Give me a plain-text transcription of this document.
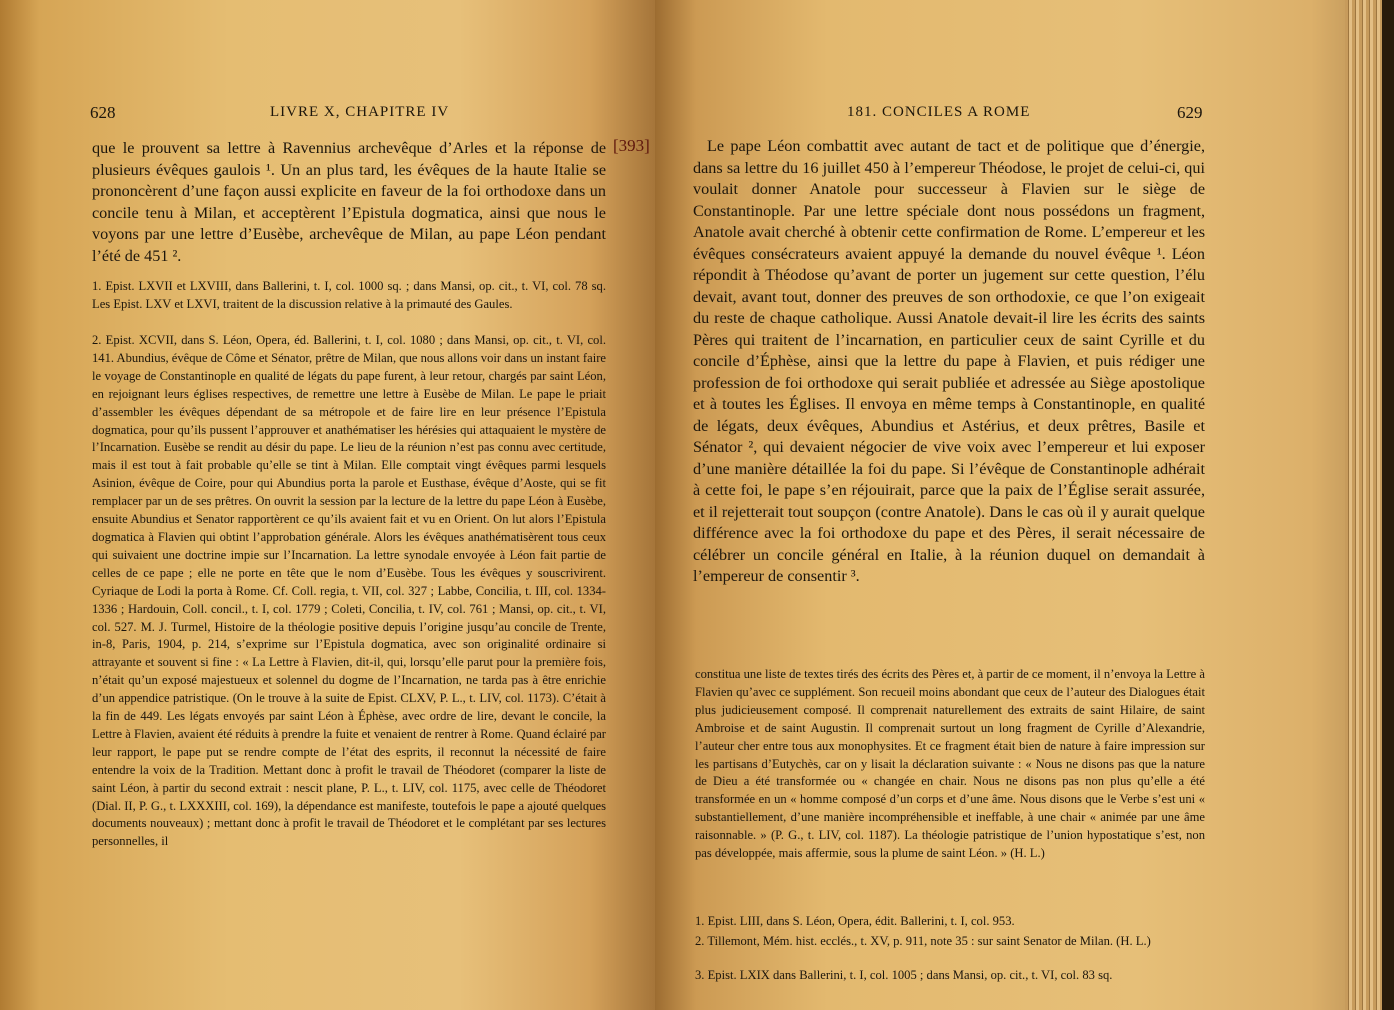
628	LIVRE X, CHAPITRE IV
[393]

que le prouvent sa lettre à Ravennius archevêque d’Arles et la réponse de plusieurs évêques gaulois ¹. Un an plus tard, les évêques de la haute Italie se prononcèrent d’une façon aussi explicite en faveur de la foi orthodoxe dans un concile tenu à Milan, et acceptèrent l’Epistula dogmatica, ainsi que nous le voyons par une lettre d’Eusèbe, archevêque de Milan, au pape Léon pendant l’été de 451 ².

1. Epist. LXVII et LXVIII, dans Ballerini, t. I, col. 1000 sq. ; dans Mansi, op. cit., t. VI, col. 78 sq. Les Epist. LXV et LXVI, traitent de la discussion relative à la primauté des Gaules.

2. Epist. XCVII, dans S. Léon, Opera, éd. Ballerini, t. I, col. 1080 ; dans Mansi, op. cit., t. VI, col. 141. Abundius, évêque de Côme et Sénator, prêtre de Milan, que nous allons voir dans un instant faire le voyage de Constantinople en qualité de légats du pape furent, à leur retour, chargés par saint Léon, en rejoignant leurs églises respectives, de remettre une lettre à Eusèbe de Milan. Le pape le priait d’assembler les évêques dépendant de sa métropole et de faire lire en leur présence l’Epistula dogmatica, pour qu’ils pussent l’approuver et anathématiser les hérésies qui attaquaient le mystère de l’Incarnation. Eusèbe se rendit au désir du pape. Le lieu de la réunion n’est pas connu avec certitude, mais il est tout à fait probable qu’elle se tint à Milan. Elle comptait vingt évêques parmi lesquels Asinion, évêque de Coire, pour qui Abundius porta la parole et Eusthase, évêque d’Aoste, qui se fit remplacer par un de ses prêtres. On ouvrit la session par la lecture de la lettre du pape Léon à Eusèbe, ensuite Abundius et Senator rapportèrent ce qu’ils avaient fait et vu en Orient. On lut alors l’Epistula dogmatica à Flavien qui obtint l’approbation générale. Alors les évêques anathématisèrent tous ceux qui suivaient une doctrine impie sur l’Incarnation. La lettre synodale envoyée à Léon fait partie de celles de ce pape ; elle ne porte en tête que le nom d’Eusèbe. Tous les évêques y souscrivirent. Cyriaque de Lodi la porta à Rome. Cf. Coll. regia, t. VII, col. 327 ; Labbe, Concilia, t. III, col. 1334-1336 ; Hardouin, Coll. concil., t. I, col. 1779 ; Coleti, Concilia, t. IV, col. 761 ; Mansi, op. cit., t. VI, col. 527. M. J. Turmel, Histoire de la théologie positive depuis l’origine jusqu’au concile de Trente, in-8, Paris, 1904, p. 214, s’exprime sur l’Epistula dogmatica, avec son originalité ordinaire si attrayante et souvent si fine : « La Lettre à Flavien, dit-il, qui, lorsqu’elle parut pour la première fois, n’était qu’un exposé majestueux et solennel du dogme de l’Incarnation, ne tarda pas à être enrichie d’un appendice patristique. (On le trouve à la suite de Epist. CLXV, P. L., t. LIV, col. 1173). C’était à la fin de 449. Les légats envoyés par saint Léon à Éphèse, avec ordre de lire, devant le concile, la Lettre à Flavien, avaient été réduits à prendre la fuite et venaient de rentrer à Rome. Quand éclairé par leur rapport, le pape put se rendre compte de l’état des esprits, il reconnut la nécessité de faire entendre la voix de la Tradition. Mettant donc à profit le travail de Théodoret (comparer la liste de saint Léon, à partir du second extrait : nescit plane, P. L., t. LIV, col. 1175, avec celle de Théodoret (Dial. II, P. G., t. LXXXIII, col. 169), la dépendance est manifeste, toutefois le pape a ajouté quelques documents nouveaux) ; mettant donc à profit le travail de Théodoret et le complétant par ses lectures personnelles, il

181. CONCILES A ROME	629

Le pape Léon combattit avec autant de tact et de politique que d’énergie, dans sa lettre du 16 juillet 450 à l’empereur Théodose, le projet de celui-ci, qui voulait donner Anatole pour successeur à Flavien sur le siège de Constantinople. Par une lettre spéciale dont nous possédons un fragment, Anatole avait cherché à obtenir cette confirmation de Rome. L’empereur et les évêques consécrateurs avaient appuyé la demande du nouvel évêque ¹. Léon répondit à Théodose qu’avant de porter un jugement sur cette question, l’élu devait, avant tout, donner des preuves de son orthodoxie, ce que l’on exigeait du reste de chaque catholique. Aussi Anatole devait-il lire les écrits des saints Pères qui traitent de l’incarnation, en particulier ceux de saint Cyrille et du concile d’Éphèse, ainsi que la lettre du pape à Flavien, et puis rédiger une profession de foi orthodoxe qui serait publiée et adressée au Siège apostolique et à toutes les Églises. Il envoya en même temps à Constantinople, en qualité de légats, deux évêques, Abundius et Astérius, et deux prêtres, Basile et Sénator ², qui devaient négocier de vive voix avec l’empereur et lui exposer d’une manière détaillée la foi du pape. Si l’évêque de Constantinople adhérait à cette foi, le pape s’en réjouirait, parce que la paix de l’Église serait assurée, et il rejetterait tout soupçon (contre Anatole). Dans le cas où il y aurait quelque différence avec la foi orthodoxe du pape et des Pères, il serait nécessaire de célébrer un concile général en Italie, à la réunion duquel on demandait à l’empereur de consentir ³.

constitua une liste de textes tirés des écrits des Pères et, à partir de ce moment, il n’envoya la Lettre à Flavien qu’avec ce supplément. Son recueil moins abondant que ceux de l’auteur des Dialogues était plus judicieusement composé. Il comprenait naturellement des extraits de saint Hilaire, de saint Ambroise et de saint Augustin. Il comprenait surtout un long fragment de Cyrille d’Alexandrie, l’auteur cher entre tous aux monophysites. Et ce fragment était bien de nature à faire impression sur les partisans d’Eutychès, car on y lisait la déclaration suivante : « Nous ne disons pas que la nature de Dieu a été transformée ou « changée en chair. Nous ne disons pas non plus qu’elle a été transformée en un « homme composé d’un corps et d’une âme. Nous disons que le Verbe s’est uni « substantiellement, d’une manière incompréhensible et ineffable, à une chair « animée par une âme raisonnable. » (P. G., t. LIV, col. 1187). La théologie patristique de l’union hypostatique s’est, non pas développée, mais affermie, sous la plume de saint Léon. » (H. L.)

1. Epist. LIII, dans S. Léon, Opera, édit. Ballerini, t. I, col. 953.

2. Tillemont, Mém. hist. ecclés., t. XV, p. 911, note 35 : sur saint Senator de Milan. (H. L.)

3. Epist. LXIX dans Ballerini, t. I, col. 1005 ; dans Mansi, op. cit., t. VI, col. 83 sq.
